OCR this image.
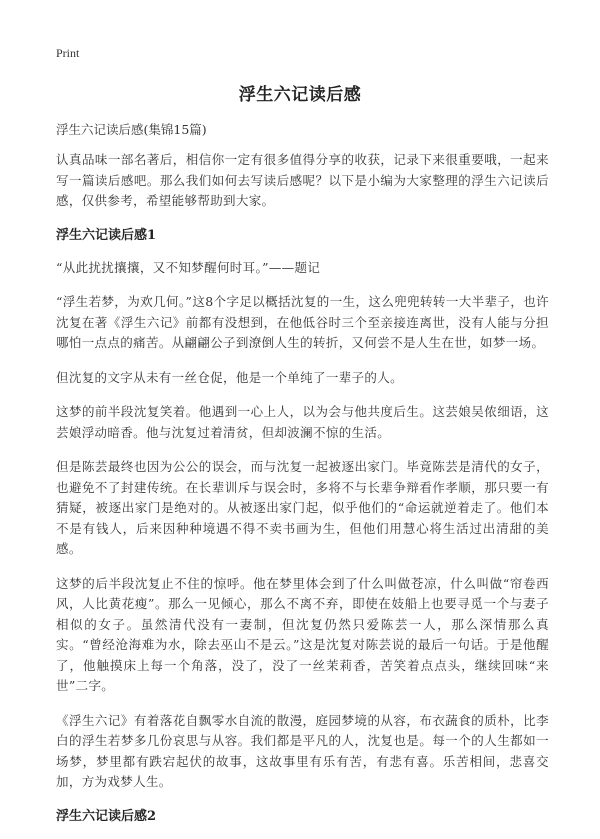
Print
浮生六记读后感
浮生六记读后感(集锦15篇)
认真品味一部名著后，相信你一定有很多值得分享的收获，记录下来很重要哦，一起来写一篇读后感吧。那么我们如何去写读后感呢？以下是小编为大家整理的浮生六记读后感，仅供参考，希望能够帮助到大家。
浮生六记读后感1
“从此扰扰攘攘，又不知梦醒何时耳。”——题记
“浮生若梦，为欢几何。”这8个字足以概括沈复的一生，这么兜兜转转一大半辈子，也许沈复在著《浮生六记》前都有没想到，在他低谷时三个至亲接连离世，没有人能与分担哪怕一点点的痛苦。从翩翩公子到潦倒人生的转折，又何尝不是人生在世，如梦一场。
但沈复的文字从未有一丝仓促，他是一个单纯了一辈子的人。
这梦的前半段沈复笑着。他遇到一心上人，以为会与他共度后生。这芸娘吴侬细语，这芸娘浮动暗香。他与沈复过着清贫，但却波澜不惊的生活。
但是陈芸最终也因为公公的误会，而与沈复一起被逐出家门。毕竟陈芸是清代的女子，也避免不了封建传统。在长辈训斥与误会时，多将不与长辈争辩看作孝顺，那只要一有猜疑，被逐出家门是绝对的。从被逐出家门起，似乎他们的“命运就逆着走了。他们本不是有钱人，后来因种种境遇不得不卖书画为生，但他们用慧心将生活过出清甜的美感。
这梦的后半段沈复止不住的惊呼。他在梦里体会到了什么叫做苍凉，什么叫做“帘卷西风，人比黄花瘦”。那么一见倾心，那么不离不弃，即使在妓船上也要寻觅一个与妻子相似的女子。虽然清代没有一妻制，但沈复仍然只爱陈芸一人，那么深情那么真实。“曾经沧海难为水，除去巫山不是云。”这是沈复对陈芸说的最后一句话。于是他醒了，他触摸床上每一个角落，没了，没了一丝茉莉香，苦笑着点点头，继续回味“来世”二字。
《浮生六记》有着落花自飘零水自流的散漫，庭园梦境的从容，布衣蔬食的质朴，比李白的浮生若梦多几份哀思与从容。我们都是平凡的人，沈复也是。每一个的人生都如一场梦，梦里都有跌宕起伏的故事，这故事里有乐有苦，有悲有喜。乐苦相间，悲喜交加，方为戏梦人生。
浮生六记读后感2
